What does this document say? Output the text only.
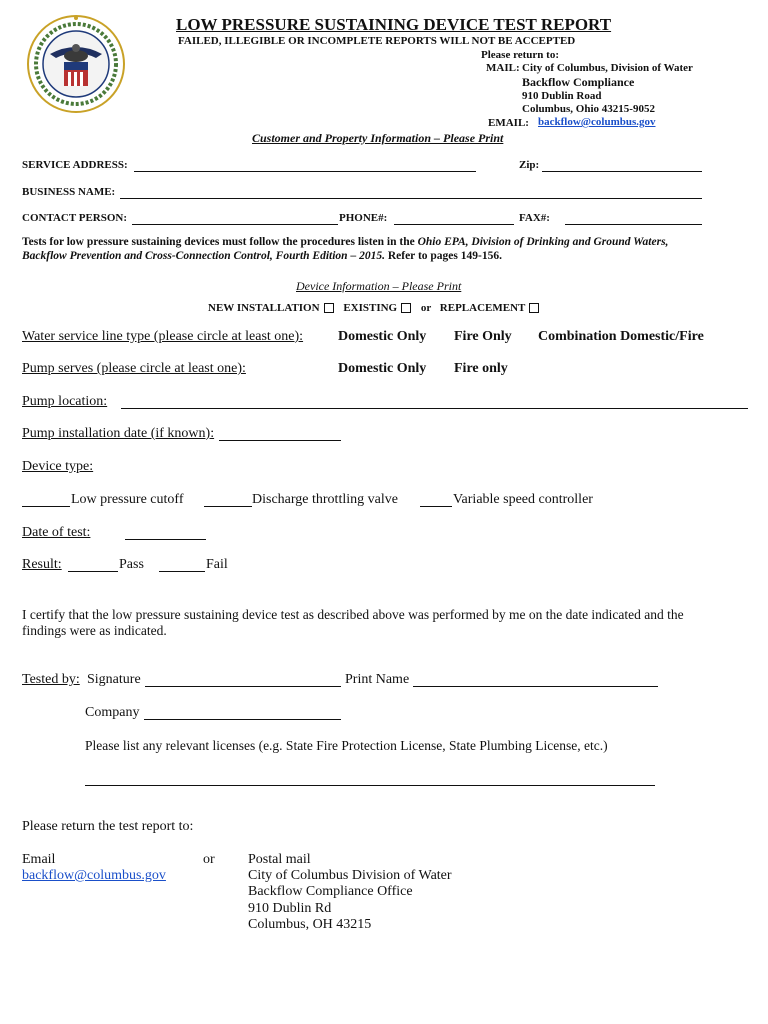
LOW PRESSURE SUSTAINING DEVICE TEST REPORT
FAILED, ILLEGIBLE OR INCOMPLETE REPORTS WILL NOT BE ACCEPTED
Please return to:
MAIL: City of Columbus, Division of Water
Backflow Compliance
910 Dublin Road
Columbus, Ohio 43215-9052
EMAIL: backflow@columbus.gov
Customer and Property Information – Please Print
SERVICE ADDRESS:	Zip:
BUSINESS NAME:
CONTACT PERSON:	PHONE#:	FAX#:
Tests for low pressure sustaining devices must follow the procedures listen in the Ohio EPA, Division of Drinking and Ground Waters,
Backflow Prevention and Cross-Connection Control, Fourth Edition – 2015. Refer to pages 149-156.
Device Information – Please Print
NEW INSTALLATION EXISTING or REPLACEMENT
Water service line type (please circle at least one): Domestic Only Fire Only Combination Domestic/Fire
Pump serves (please circle at least one):	Domestic Only Fire only
Pump location:
Pump installation date (if known):
Device type:
Low pressure cutoff	Discharge throttling valve	Variable speed controller
Date of test:
Result:	Pass	Fail
I certify that the low pressure sustaining device test as described above was performed by me on the date indicated and the
findings were as indicated.
Tested by: Signature	Print Name
Company
Please list any relevant licenses (e.g. State Fire Protection License, State Plumbing License, etc.)
Please return the test report to:
Email
backflow@columbus.gov
or Postal mail
City of Columbus Division of Water
Backflow Compliance Office
910 Dublin Rd
Columbus, OH 43215
